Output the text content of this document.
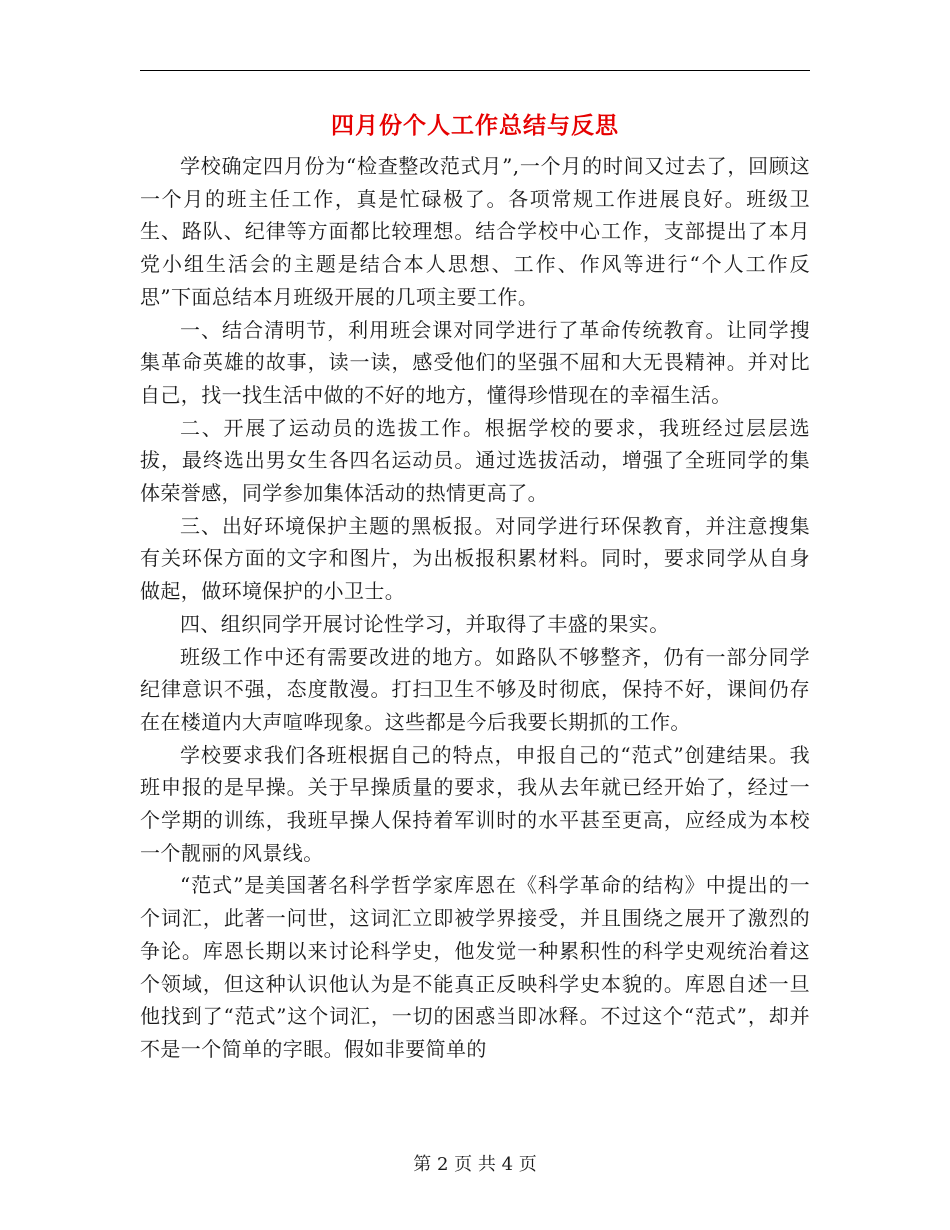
四月份个人工作总结与反思

学校确定四月份为“检查整改范式月”,一个月的时间又过去了，回顾这一个月的班主任工作，真是忙碌极了。各项常规工作进展良好。班级卫生、路队、纪律等方面都比较理想。结合学校中心工作，支部提出了本月党小组生活会的主题是结合本人思想、工作、作风等进行“个人工作反思”下面总结本月班级开展的几项主要工作。

一、结合清明节，利用班会课对同学进行了革命传统教育。让同学搜集革命英雄的故事，读一读，感受他们的坚强不屈和大无畏精神。并对比自己，找一找生活中做的不好的地方，懂得珍惜现在的幸福生活。

二、开展了运动员的选拔工作。根据学校的要求，我班经过层层选拔，最终选出男女生各四名运动员。通过选拔活动，增强了全班同学的集体荣誉感，同学参加集体活动的热情更高了。

三、出好环境保护主题的黑板报。对同学进行环保教育，并注意搜集有关环保方面的文字和图片，为出板报积累材料。同时，要求同学从自身做起，做环境保护的小卫士。

四、组织同学开展讨论性学习，并取得了丰盛的果实。

班级工作中还有需要改进的地方。如路队不够整齐，仍有一部分同学纪律意识不强，态度散漫。打扫卫生不够及时彻底，保持不好，课间仍存在在楼道内大声喧哗现象。这些都是今后我要长期抓的工作。

学校要求我们各班根据自己的特点，申报自己的“范式”创建结果。我班申报的是早操。关于早操质量的要求，我从去年就已经开始了，经过一个学期的训练，我班早操人保持着军训时的水平甚至更高，应经成为本校一个靓丽的风景线。

“范式”是美国著名科学哲学家库恩在《科学革命的结构》中提出的一个词汇，此著一问世，这词汇立即被学界接受，并且围绕之展开了激烈的争论。库恩长期以来讨论科学史，他发觉一种累积性的科学史观统治着这个领域，但这种认识他认为是不能真正反映科学史本貌的。库恩自述一旦他找到了“范式”这个词汇，一切的困惑当即冰释。不过这个“范式”，却并不是一个简单的字眼。假如非要简单的

第 2 页 共 4 页
